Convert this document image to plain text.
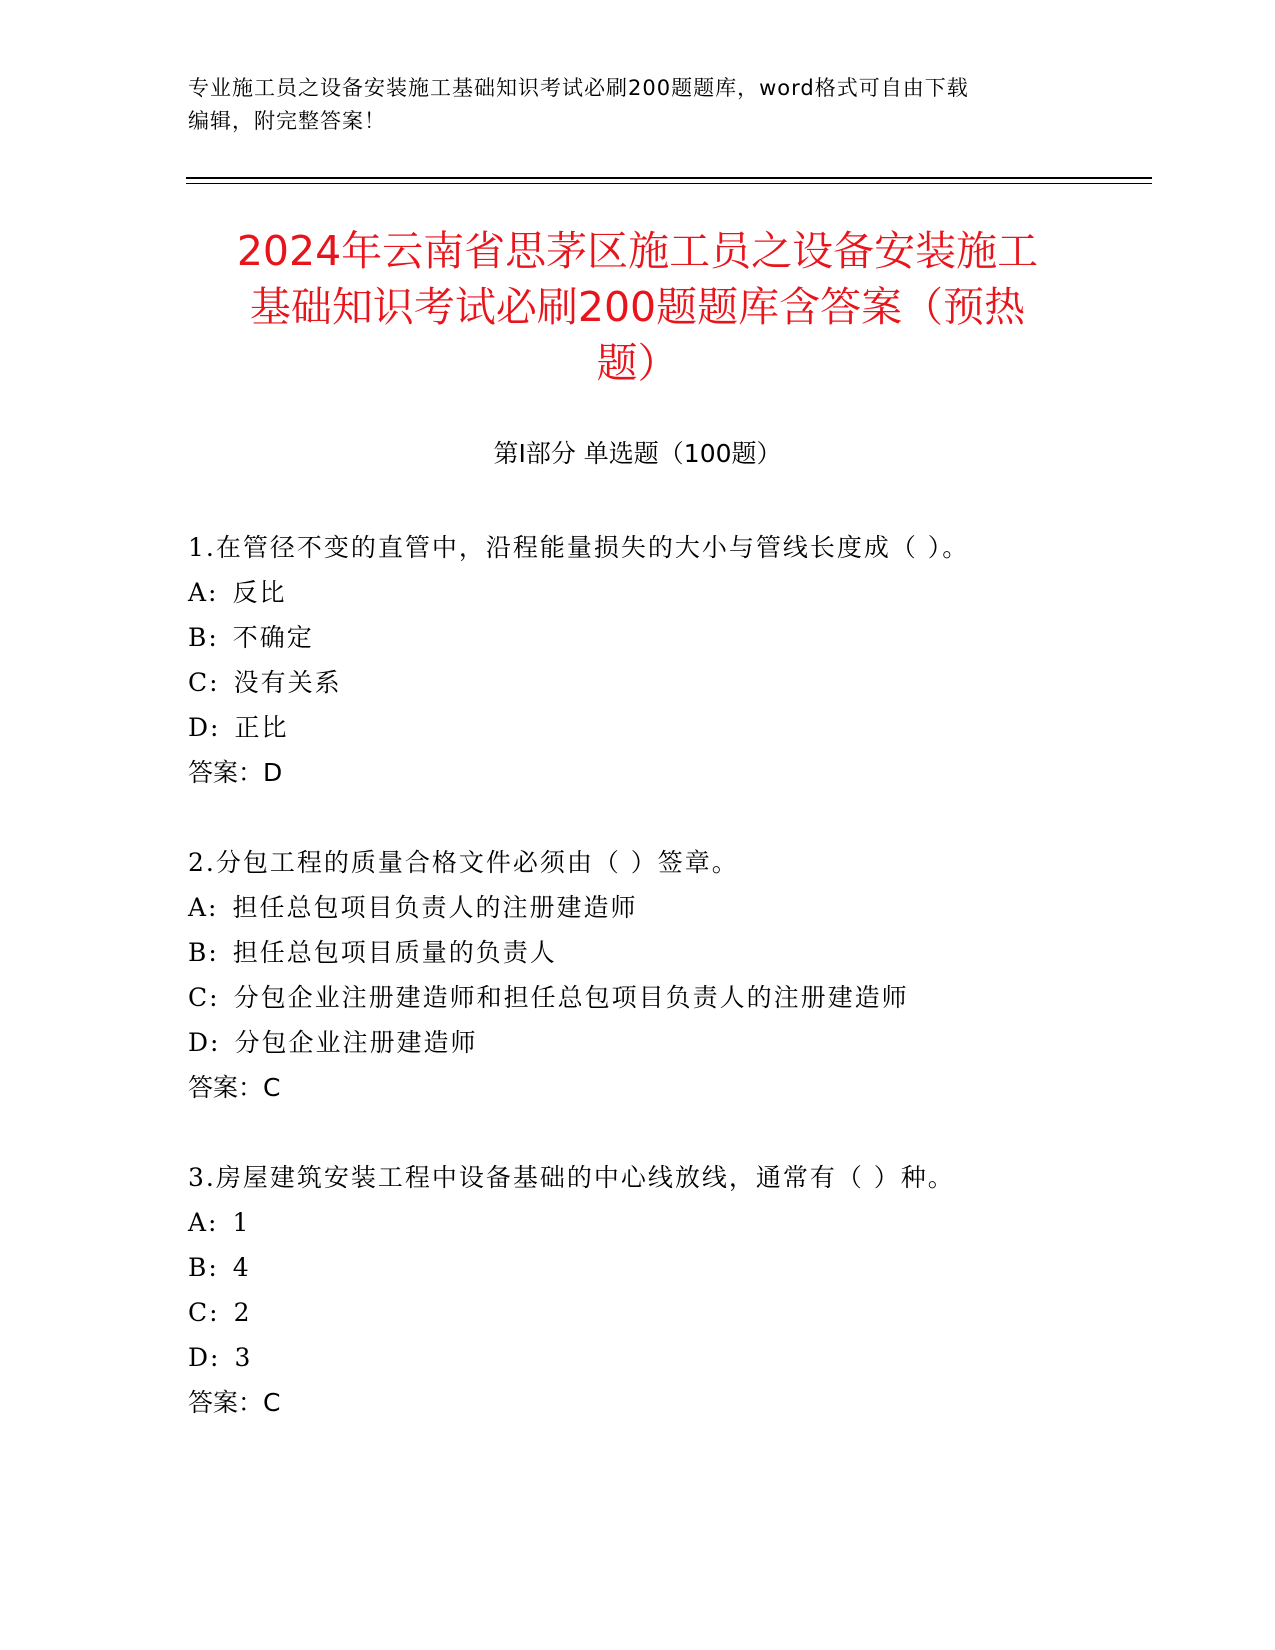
专业施工员之设备安装施工基础知识考试必刷200题题库，word格式可自由下载
编辑，附完整答案！
2024年云南省思茅区施工员之设备安装施工
基础知识考试必刷200题题库含答案（预热
题）
第Ⅰ部分 单选题（100题）
1.在管径不变的直管中，沿程能量损失的大小与管线长度成（ ）。
A: 反比
B: 不确定
C: 没有关系
D: 正比
答案：D
2.分包工程的质量合格文件必须由（ ）签章。
A: 担任总包项目负责人的注册建造师
B: 担任总包项目质量的负责人
C: 分包企业注册建造师和担任总包项目负责人的注册建造师
D: 分包企业注册建造师
答案：C
3.房屋建筑安装工程中设备基础的中心线放线，通常有（ ）种。
A: 1
B: 4
C: 2
D: 3
答案：C
